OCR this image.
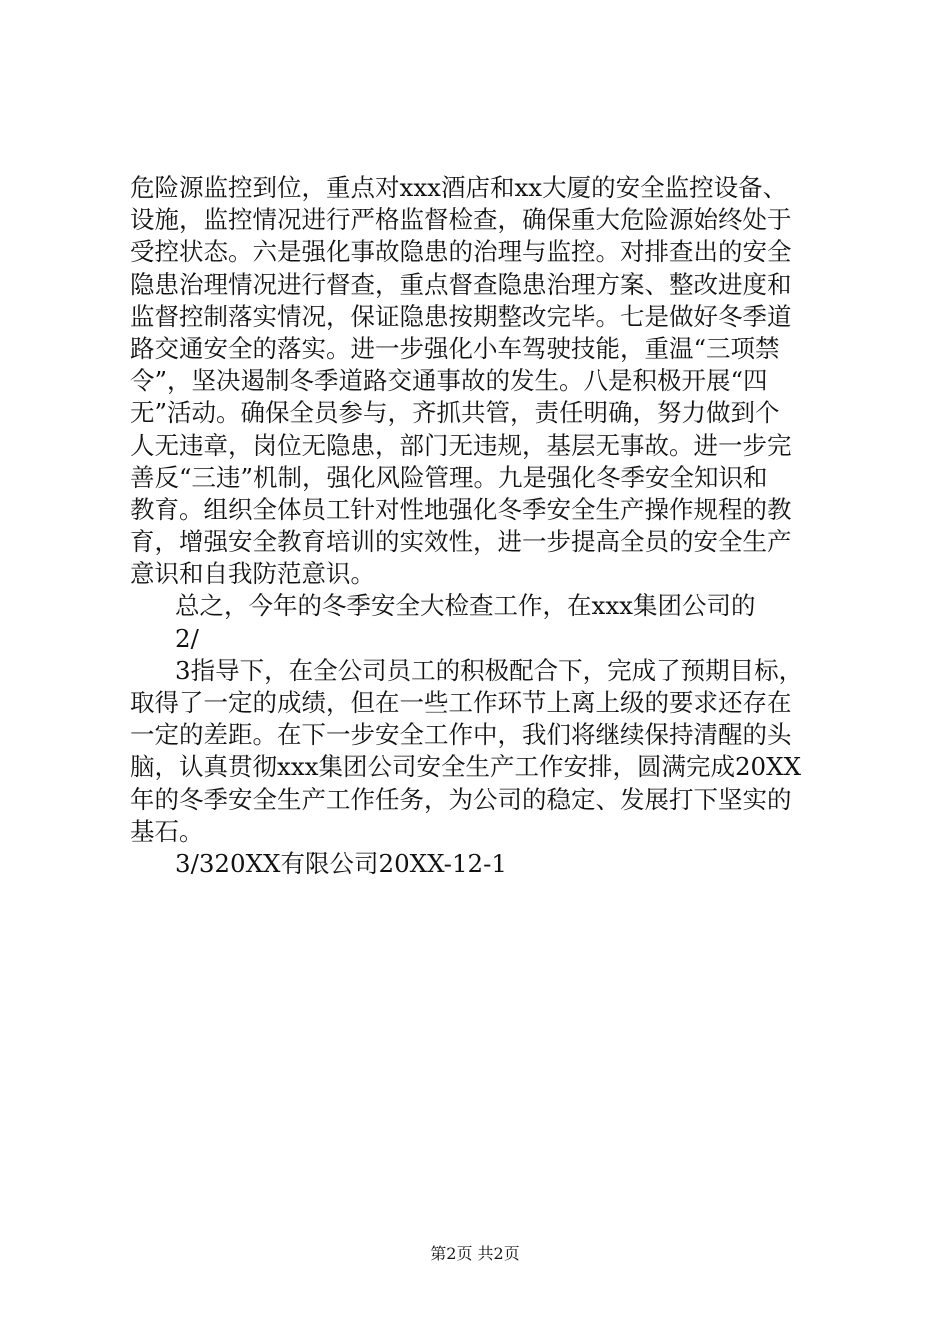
危险源监控到位，重点对xxx酒店和xx大厦的安全监控设备、
设施，监控情况进行严格监督检查，确保重大危险源始终处于
受控状态。六是强化事故隐患的治理与监控。对排查出的安全
隐患治理情况进行督查，重点督查隐患治理方案、整改进度和
监督控制落实情况，保证隐患按期整改完毕。七是做好冬季道
路交通安全的落实。进一步强化小车驾驶技能，重温“三项禁
令”，坚决遏制冬季道路交通事故的发生。八是积极开展“四
无”活动。确保全员参与，齐抓共管，责任明确，努力做到个
人无违章，岗位无隐患，部门无违规，基层无事故。进一步完
善反“三违”机制，强化风险管理。九是强化冬季安全知识和
教育。组织全体员工针对性地强化冬季安全生产操作规程的教
育，增强安全教育培训的实效性，进一步提高全员的安全生产
意识和自我防范意识。
总之，今年的冬季安全大检查工作，在xxx集团公司的
2/
3指导下，在全公司员工的积极配合下，完成了预期目标，
取得了一定的成绩，但在一些工作环节上离上级的要求还存在
一定的差距。在下一步安全工作中，我们将继续保持清醒的头
脑，认真贯彻xxx集团公司安全生产工作安排，圆满完成20XX
年的冬季安全生产工作任务，为公司的稳定、发展打下坚实的
基石。
3/320XX有限公司20XX-12-1
第2页 共2页
